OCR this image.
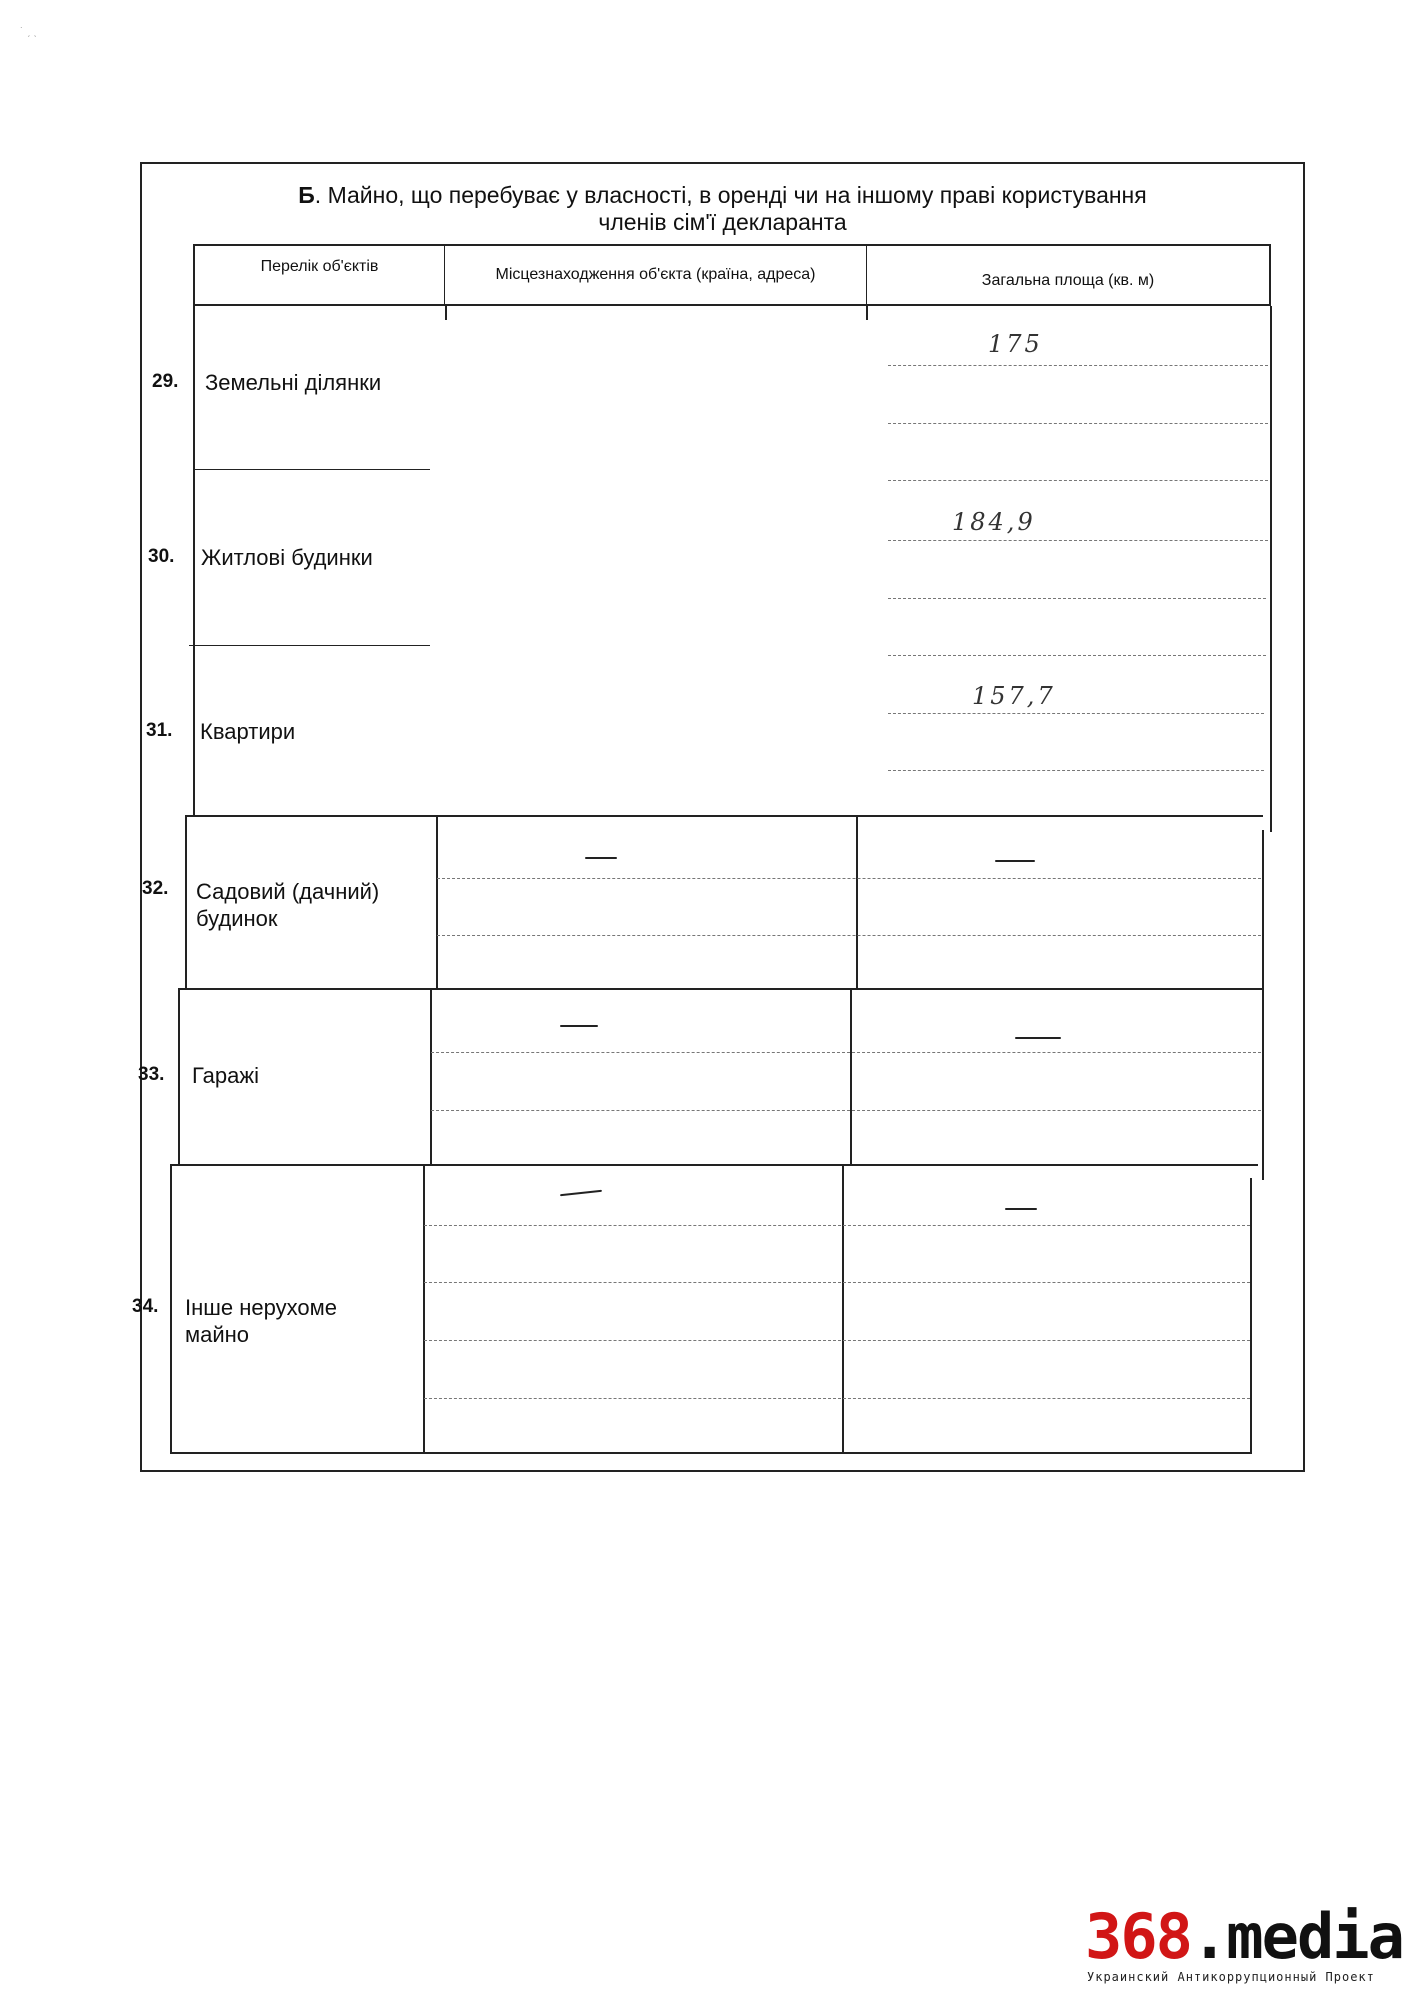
˙ ˏ ˎ
Б. Майно, що перебуває у власності, в оренді чи на іншому праві користування
членів сім'ї декларанта
Перелік об'єктів	Місцезнаходження об'єкта (країна, адреса)	Загальна площа (кв. м)
29. Земельні ділянки
175
30. Житлові будинки
184,9
31. Квартири
157,7
32. Садовий (дачний)
будинок
33. Гаражі
34. Інше нерухоме
майно
368.media
Украинский Антикоррупционный Проект
